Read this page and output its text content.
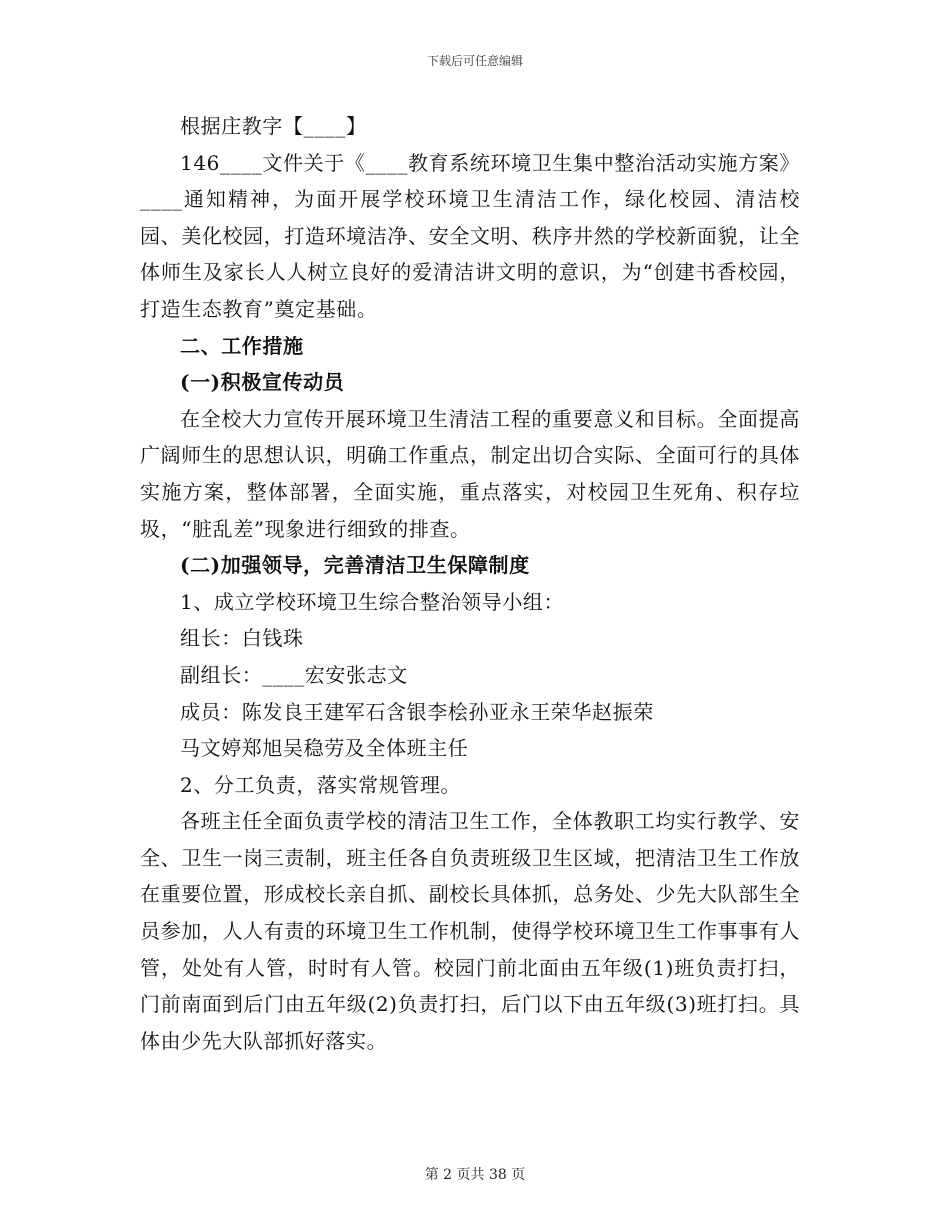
下载后可任意编辑

根据庄教字【____】

146____文件关于《____教育系统环境卫生集中整治活动实施方案》____通知精神，为面开展学校环境卫生清洁工作，绿化校园、清洁校园、美化校园，打造环境洁净、安全文明、秩序井然的学校新面貌，让全体师生及家长人人树立良好的爱清洁讲文明的意识，为“创建书香校园，打造生态教育”奠定基础。

二、工作措施

(一)积极宣传动员

在全校大力宣传开展环境卫生清洁工程的重要意义和目标。全面提高广阔师生的思想认识，明确工作重点，制定出切合实际、全面可行的具体实施方案，整体部署，全面实施，重点落实，对校园卫生死角、积存垃圾，“脏乱差”现象进行细致的排查。

(二)加强领导，完善清洁卫生保障制度

1、成立学校环境卫生综合整治领导小组：

组长：白钱珠

副组长：____宏安张志文

成员：陈发良王建军石含银李桧孙亚永王荣华赵振荣

马文婷郑旭吴稳劳及全体班主任

2、分工负责，落实常规管理。

各班主任全面负责学校的清洁卫生工作，全体教职工均实行教学、安全、卫生一岗三责制，班主任各自负责班级卫生区域，把清洁卫生工作放在重要位置，形成校长亲自抓、副校长具体抓，总务处、少先大队部生全员参加，人人有责的环境卫生工作机制，使得学校环境卫生工作事事有人管，处处有人管，时时有人管。校园门前北面由五年级(1)班负责打扫，门前南面到后门由五年级(2)负责打扫，后门以下由五年级(3)班打扫。具体由少先大队部抓好落实。

第 2 页共 38 页
